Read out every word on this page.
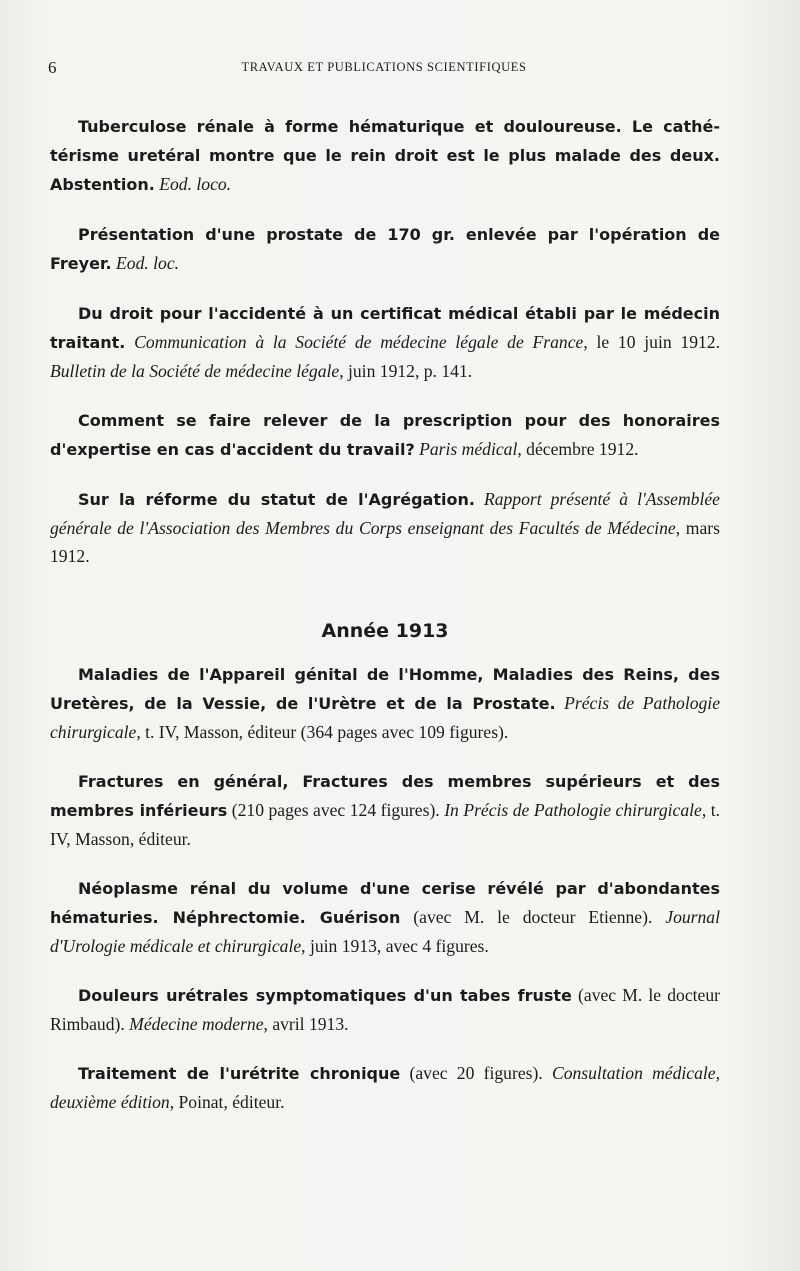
6	TRAVAUX ET PUBLICATIONS SCIENTIFIQUES

Tuberculose rénale à forme hématurique et douloureuse. Le cathétérisme uretéral montre que le rein droit est le plus malade des deux. Abstention. Eod. loco.

Présentation d'une prostate de 170 gr. enlevée par l'opération de Freyer. Eod. loc.

Du droit pour l'accidenté à un certificat médical établi par le médecin traitant. Communication à la Société de médecine légale de France, le 10 juin 1912. Bulletin de la Société de médecine légale, juin 1912, p. 141.

Comment se faire relever de la prescription pour des honoraires d'expertise en cas d'accident du travail? Paris médical, décembre 1912.

Sur la réforme du statut de l'Agrégation. Rapport présenté à l'Assemblée générale de l'Association des Membres du Corps enseignant des Facultés de Médecine, mars 1912.

Année 1913

Maladies de l'Appareil génital de l'Homme, Maladies des Reins, des Uretères, de la Vessie, de l'Urètre et de la Prostate. Précis de Pathologie chirurgicale, t. IV, Masson, éditeur (364 pages avec 109 figures).

Fractures en général, Fractures des membres supérieurs et des membres inférieurs (210 pages avec 124 figures). In Précis de Pathologie chirurgicale, t. IV, Masson, éditeur.

Néoplasme rénal du volume d'une cerise révélé par d'abondantes hématuries. Néphrectomie. Guérison (avec M. le docteur Etienne). Journal d'Urologie médicale et chirurgicale, juin 1913, avec 4 figures.

Douleurs urétrales symptomatiques d'un tabes fruste (avec M. le docteur Rimbaud). Médecine moderne, avril 1913.

Traitement de l'urétrite chronique (avec 20 figures). Consultation médicale, deuxième édition, Poinat, éditeur.
